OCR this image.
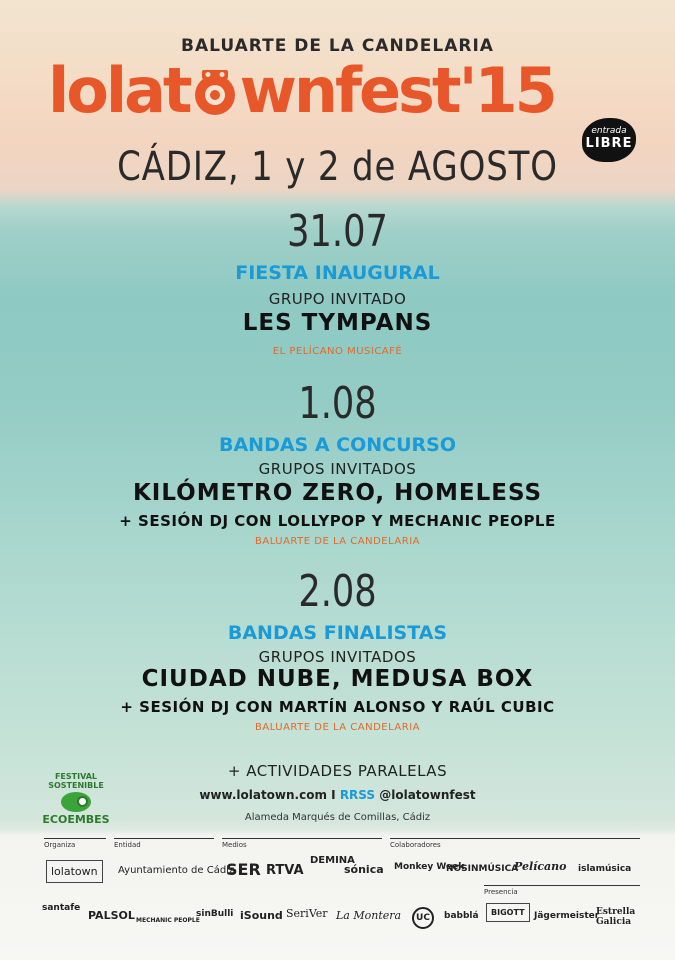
BALUARTE DE LA CANDELARIA
lolat wnfest'15
entrada
LIBRE
CÁDIZ, 1 y 2 de AGOSTO
31.07
FIESTA INAUGURAL
GRUPO INVITADO
LES TYMPANS
EL PELÍCANO MUSICAFÉ
1.08
BANDAS A CONCURSO
GRUPOS INVITADOS
KILÓMETRO ZERO, HOMELESS
+ SESIÓN DJ CON LOLLYPOP Y MECHANIC PEOPLE
BALUARTE DE LA CANDELARIA
2.08
BANDAS FINALISTAS
GRUPOS INVITADOS
CIUDAD NUBE, MEDUSA BOX
+ SESIÓN DJ CON MARTÍN ALONSO Y RAÚL CUBIC
BALUARTE DE LA CANDELARIA
+ ACTIVIDADES PARALELAS
www.lolatown.com I RRSS @lolatownfest
Alameda Marqués de Comillas, Cádiz
FESTIVAL SOSTENIBLE
ECOEMBES
Organiza	Entidad	Medios	Colaboradores
lolatown	Ayuntamiento de Cádiz
SER RTVA
DEMINA
sónica Monkey Week
NOSINMÚSICA
Pelícano islamúsica
Presencia
santafe
PALSOL MECHANIC PEOPLE
sinBulli iSound SeriVer La Montera	UC	babblá	BIGOTT	Jägermeister
Estrella Galicia
